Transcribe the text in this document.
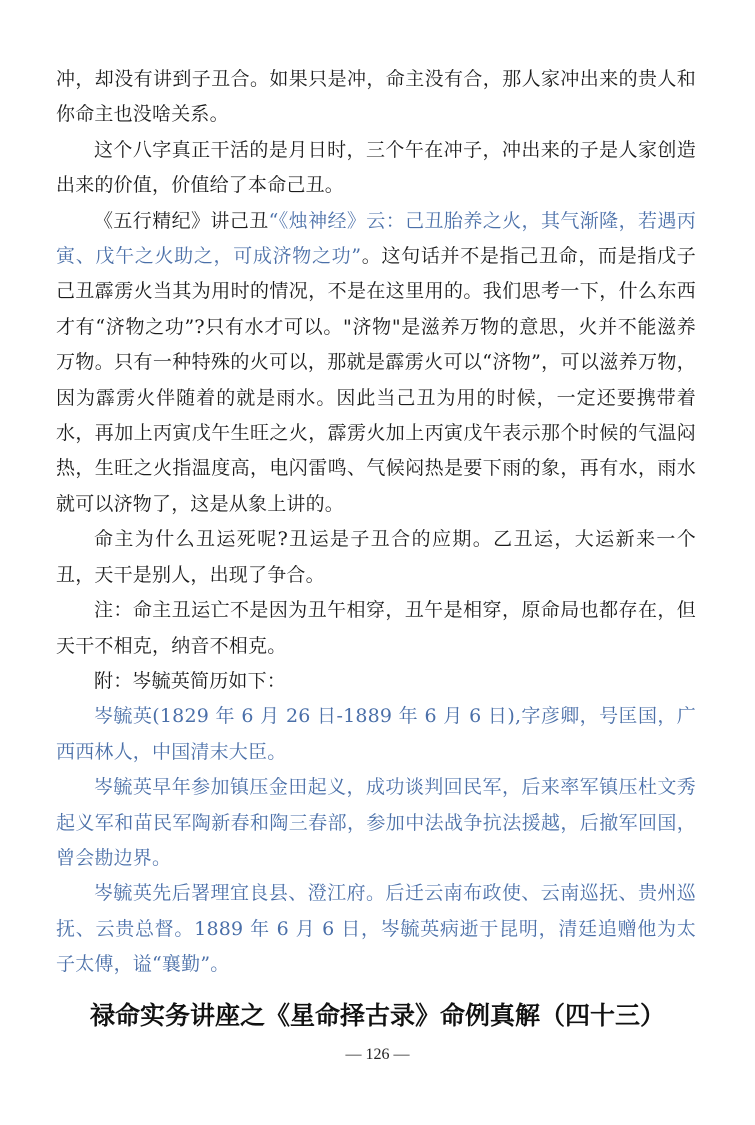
冲，却没有讲到子丑合。如果只是冲，命主没有合，那人家冲出来的贵人和你命主也没啥关系。

这个八字真正干活的是月日时，三个午在冲子，冲出来的子是人家创造出来的价值，价值给了本命己丑。

《五行精纪》讲己丑“《烛神经》云：己丑胎养之火，其气渐隆，若遇丙寅、戊午之火助之，可成济物之功”。这句话并不是指己丑命，而是指戊子己丑霹雳火当其为用时的情况，不是在这里用的。我们思考一下，什么东西才有“济物之功”?只有水才可以。"济物"是滋养万物的意思，火并不能滋养万物。只有一种特殊的火可以，那就是霹雳火可以“济物”，可以滋养万物，因为霹雳火伴随着的就是雨水。因此当己丑为用的时候，一定还要携带着水，再加上丙寅戊午生旺之火，霹雳火加上丙寅戊午表示那个时候的气温闷热，生旺之火指温度高，电闪雷鸣、气候闷热是要下雨的象，再有水，雨水就可以济物了，这是从象上讲的。

命主为什么丑运死呢?丑运是子丑合的应期。乙丑运，大运新来一个丑，天干是别人，出现了争合。

注：命主丑运亡不是因为丑午相穿，丑午是相穿，原命局也都存在，但天干不相克，纳音不相克。

附：岑毓英简历如下：

岑毓英(1829 年 6 月 26 日-1889 年 6 月 6 日),字彦卿，号匡国，广西西林人，中国清末大臣。

岑毓英早年参加镇压金田起义，成功谈判回民军，后来率军镇压杜文秀起义军和苗民军陶新春和陶三春部，参加中法战争抗法援越，后撤军回国，曾会勘边界。

岑毓英先后署理宜良县、澄江府。后迁云南布政使、云南巡抚、贵州巡抚、云贵总督。1889 年 6 月 6 日，岑毓英病逝于昆明，清廷追赠他为太子太傅，谥“襄勤”。

禄命实务讲座之《星命择古录》命例真解（四十三）
— 126 —
